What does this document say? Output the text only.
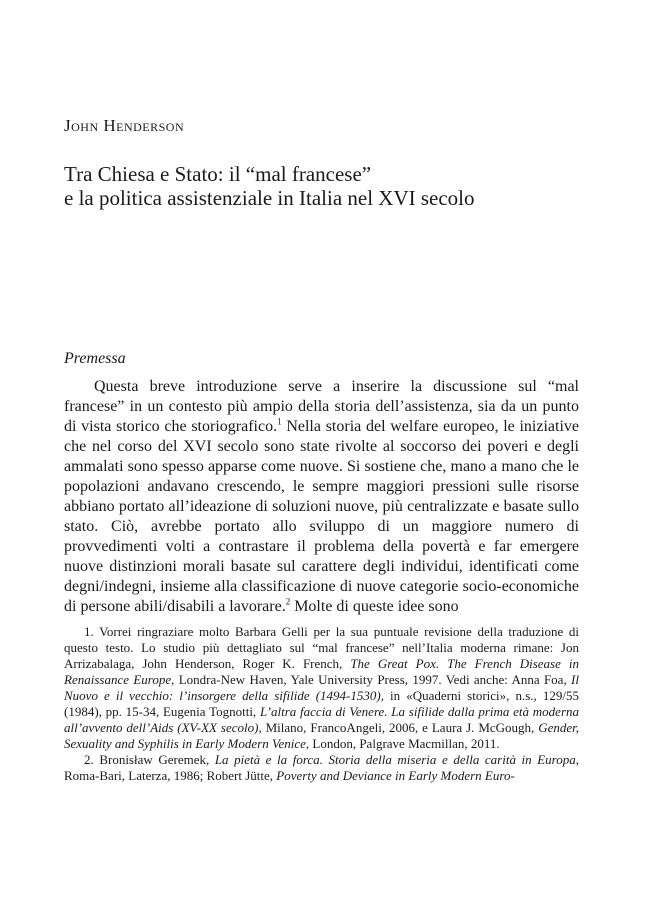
John Henderson
Tra Chiesa e Stato: il “mal francese”
e la politica assistenziale in Italia nel XVI secolo
Premessa

Questa breve introduzione serve a inserire la discussione sul “mal francese” in un contesto più ampio della storia dell’assistenza, sia da un punto di vista storico che storiografico.$^1$ Nella storia del welfare europeo, le iniziative che nel corso del XVI secolo sono state rivolte al soccorso dei poveri e degli ammalati sono spesso apparse come nuove. Si sostiene che, mano a mano che le popolazioni andavano crescendo, le sempre maggiori pressioni sulle risorse abbiano portato all’ideazione di soluzioni nuove, più centralizzate e basate sullo stato. Ciò, avrebbe portato allo sviluppo di un maggiore numero di provvedimenti volti a contrastare il problema della povertà e far emergere nuove distinzioni morali basate sul carattere degli individui, identificati come degni/indegni, insieme alla classificazione di nuove categorie socio-economiche di persone abili/disabili a lavorare.$^2$ Molte di queste idee sono

1. Vorrei ringraziare molto Barbara Gelli per la sua puntuale revisione della traduzione di questo testo. Lo studio più dettagliato sul “mal francese” nell’Italia moderna rimane: Jon Arrizabalaga, John Henderson, Roger K. French, The Great Pox. The French Disease in Renaissance Europe, Londra-New Haven, Yale University Press, 1997. Vedi anche: Anna Foa, Il Nuovo e il vecchio: l’insorgere della sifilide (1494-1530), in «Quaderni storici», n.s., 129/55 (1984), pp. 15-34, Eugenia Tognotti, L’altra faccia di Venere. La sifilide dalla prima età moderna all’avvento dell’Aids (XV-XX secolo), Milano, FrancoAngeli, 2006, e Laura J. McGough, Gender, Sexuality and Syphilis in Early Modern Venice, London, Palgrave Macmillan, 2011.

2. Bronisław Geremek, La pietà e la forca. Storia della miseria e della carità in Europa, Roma-Bari, Laterza, 1986; Robert Jütte, Poverty and Deviance in Early Modern Euro-
